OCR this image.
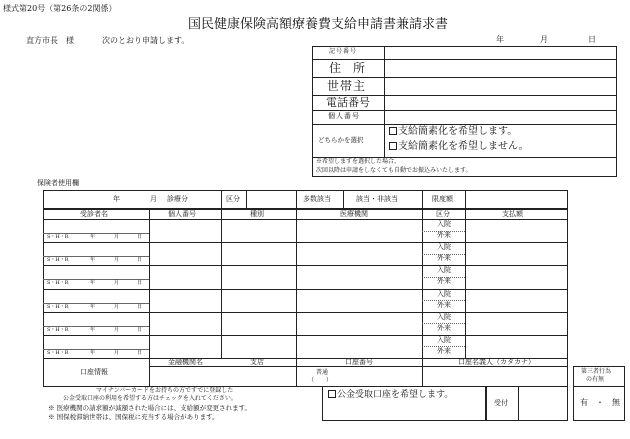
様式第20号（第26条の2関係）
国民健康保険高額療養費支給申請書兼請求書
直方市長　様	次のとおり申請します。	年	月	日
記号番号
住　所
世帯主
電話番号
個人番号
どちらかを選択
支給簡素化を希望します。
支給簡素化を希望しません。
※希望しますを選択した場合、
次回以降は申請をしなくても自動でお振込みいたします。
保険者使用欄
年	月 診療分	区分	多数該当	該当・非該当	限度額
受診者名	個人番号	種別	医療機関	区分	支払額
S・H・R	年	月	日
入院
外来
S・H・R	年	月	日
入院
外来
S・H・R	年	月	日
入院
外来
S・H・R	年	月	日
入院
外来
S・H・R	年	月	日
入院
外来
S・H・R	年	月	日
入院
外来
口座情報
金融機関名	支店	口座番号	口座名義人（カタカナ）
普通
（　　）
第三者行為
の有無
有　・　無
マイナンバーカードをお持ちの方ですでに登録した
公金受取口座の利用を希望する方はチェックを入れてください。	公金受取口座を希望します。
受付
※ 医療機関の請求額が減額された場合には、支給額が変更されます。
※ 国保税滞納世帯は、国保税に充当する場合があります。
